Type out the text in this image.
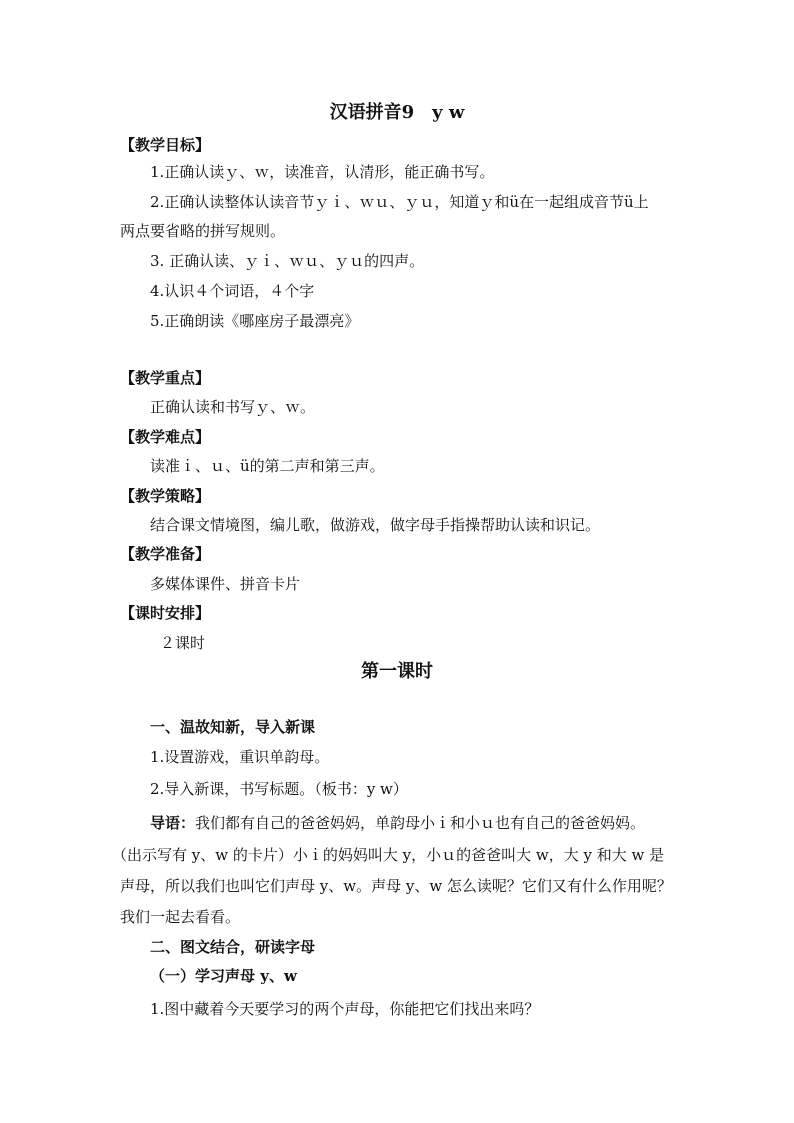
汉语拼音9　y w
【教学目标】
1.正确认读ｙ、ｗ，读准音，认清形，能正确书写。
2.正确认读整体认读音节ｙｉ、ｗｕ、ｙｕ，知道ｙ和ü在一起组成音节ü上
两点要省略的拼写规则。
3. 正确认读、ｙｉ、ｗｕ、ｙｕ的四声。
4.认识４个词语，４个字
5.正确朗读《哪座房子最漂亮》
【教学重点】
正确认读和书写ｙ、ｗ。
【教学难点】
读准ｉ、ｕ、ü的第二声和第三声。
【教学策略】
结合课文情境图，编儿歌，做游戏，做字母手指操帮助认读和识记。
【教学准备】
多媒体课件、拼音卡片
【课时安排】
２课时
第一课时
一、温故知新，导入新课
1.设置游戏，重识单韵母。
2.导入新课，书写标题。（板书：y w）
导语：我们都有自己的爸爸妈妈，单韵母小ｉ和小ｕ也有自己的爸爸妈妈。
（出示写有 y、w 的卡片）小ｉ的妈妈叫大 y，小ｕ的爸爸叫大 w，大 y 和大 w 是
声母，所以我们也叫它们声母 y、w。声母 y、w 怎么读呢？它们又有什么作用呢？
我们一起去看看。
二、图文结合，研读字母
（一）学习声母 y、w
1.图中藏着今天要学习的两个声母，你能把它们找出来吗？
